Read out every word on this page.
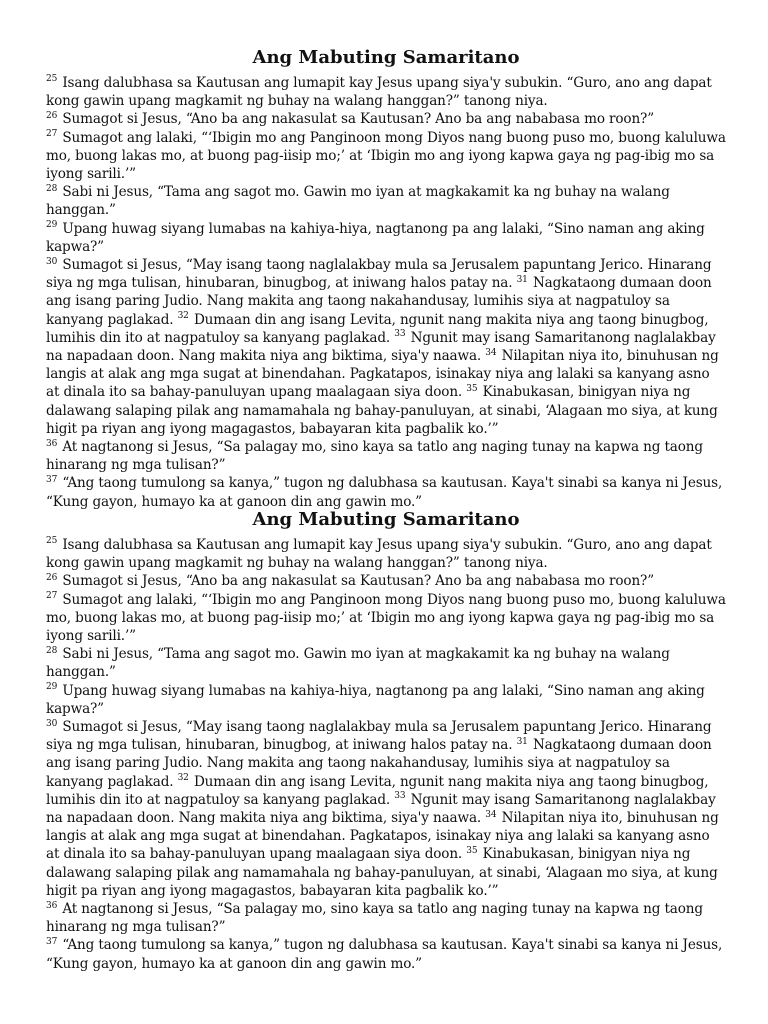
Ang Mabuting Samaritano

$^{25}$ Isang dalubhasa sa Kautusan ang lumapit kay Jesus upang siya'y subukin. “Guro, ano ang dapat kong gawin upang magkamit ng buhay na walang hanggan?” tanong niya.

$^{26}$ Sumagot si Jesus, “Ano ba ang nakasulat sa Kautusan? Ano ba ang nababasa mo roon?”

$^{27}$ Sumagot ang lalaki, “‘Ibigin mo ang Panginoon mong Diyos nang buong puso mo, buong kaluluwa mo, buong lakas mo, at buong pag-iisip mo;’ at ‘Ibigin mo ang iyong kapwa gaya ng pag-ibig mo sa iyong sarili.’”

$^{28}$ Sabi ni Jesus, “Tama ang sagot mo. Gawin mo iyan at magkakamit ka ng buhay na walang hanggan.”

$^{29}$ Upang huwag siyang lumabas na kahiya-hiya, nagtanong pa ang lalaki, “Sino naman ang aking kapwa?”

$^{30}$ Sumagot si Jesus, “May isang taong naglalakbay mula sa Jerusalem papuntang Jerico. Hinarang siya ng mga tulisan, hinubaran, binugbog, at iniwang halos patay na. $^{31}$ Nagkataong dumaan doon ang isang paring Judio. Nang makita ang taong nakahandusay, lumihis siya at nagpatuloy sa kanyang paglakad. $^{32}$ Dumaan din ang isang Levita, ngunit nang makita niya ang taong binugbog, lumihis din ito at nagpatuloy sa kanyang paglakad. $^{33}$ Ngunit may isang Samaritanong naglalakbay na napadaan doon. Nang makita niya ang biktima, siya'y naawa. $^{34}$ Nilapitan niya ito, binuhusan ng langis at alak ang mga sugat at binendahan. Pagkatapos, isinakay niya ang lalaki sa kanyang asno at dinala ito sa bahay-panuluyan upang maalagaan siya doon. $^{35}$ Kinabukasan, binigyan niya ng dalawang salaping pilak ang namamahala ng bahay-panuluyan, at sinabi, ‘Alagaan mo siya, at kung higit pa riyan ang iyong magagastos, babayaran kita pagbalik ko.’”

$^{36}$ At nagtanong si Jesus, “Sa palagay mo, sino kaya sa tatlo ang naging tunay na kapwa ng taong hinarang ng mga tulisan?”

$^{37}$ “Ang taong tumulong sa kanya,” tugon ng dalubhasa sa kautusan. Kaya't sinabi sa kanya ni Jesus, “Kung gayon, humayo ka at ganoon din ang gawin mo.”

Ang Mabuting Samaritano

$^{25}$ Isang dalubhasa sa Kautusan ang lumapit kay Jesus upang siya'y subukin. “Guro, ano ang dapat kong gawin upang magkamit ng buhay na walang hanggan?” tanong niya.

$^{26}$ Sumagot si Jesus, “Ano ba ang nakasulat sa Kautusan? Ano ba ang nababasa mo roon?”

$^{27}$ Sumagot ang lalaki, “‘Ibigin mo ang Panginoon mong Diyos nang buong puso mo, buong kaluluwa mo, buong lakas mo, at buong pag-iisip mo;’ at ‘Ibigin mo ang iyong kapwa gaya ng pag-ibig mo sa iyong sarili.’”

$^{28}$ Sabi ni Jesus, “Tama ang sagot mo. Gawin mo iyan at magkakamit ka ng buhay na walang hanggan.”

$^{29}$ Upang huwag siyang lumabas na kahiya-hiya, nagtanong pa ang lalaki, “Sino naman ang aking kapwa?”

$^{30}$ Sumagot si Jesus, “May isang taong naglalakbay mula sa Jerusalem papuntang Jerico. Hinarang siya ng mga tulisan, hinubaran, binugbog, at iniwang halos patay na. $^{31}$ Nagkataong dumaan doon ang isang paring Judio. Nang makita ang taong nakahandusay, lumihis siya at nagpatuloy sa kanyang paglakad. $^{32}$ Dumaan din ang isang Levita, ngunit nang makita niya ang taong binugbog, lumihis din ito at nagpatuloy sa kanyang paglakad. $^{33}$ Ngunit may isang Samaritanong naglalakbay na napadaan doon. Nang makita niya ang biktima, siya'y naawa. $^{34}$ Nilapitan niya ito, binuhusan ng langis at alak ang mga sugat at binendahan. Pagkatapos, isinakay niya ang lalaki sa kanyang asno at dinala ito sa bahay-panuluyan upang maalagaan siya doon. $^{35}$ Kinabukasan, binigyan niya ng dalawang salaping pilak ang namamahala ng bahay-panuluyan, at sinabi, ‘Alagaan mo siya, at kung higit pa riyan ang iyong magagastos, babayaran kita pagbalik ko.’”

$^{36}$ At nagtanong si Jesus, “Sa palagay mo, sino kaya sa tatlo ang naging tunay na kapwa ng taong hinarang ng mga tulisan?”

$^{37}$ “Ang taong tumulong sa kanya,” tugon ng dalubhasa sa kautusan. Kaya't sinabi sa kanya ni Jesus, “Kung gayon, humayo ka at ganoon din ang gawin mo.”
